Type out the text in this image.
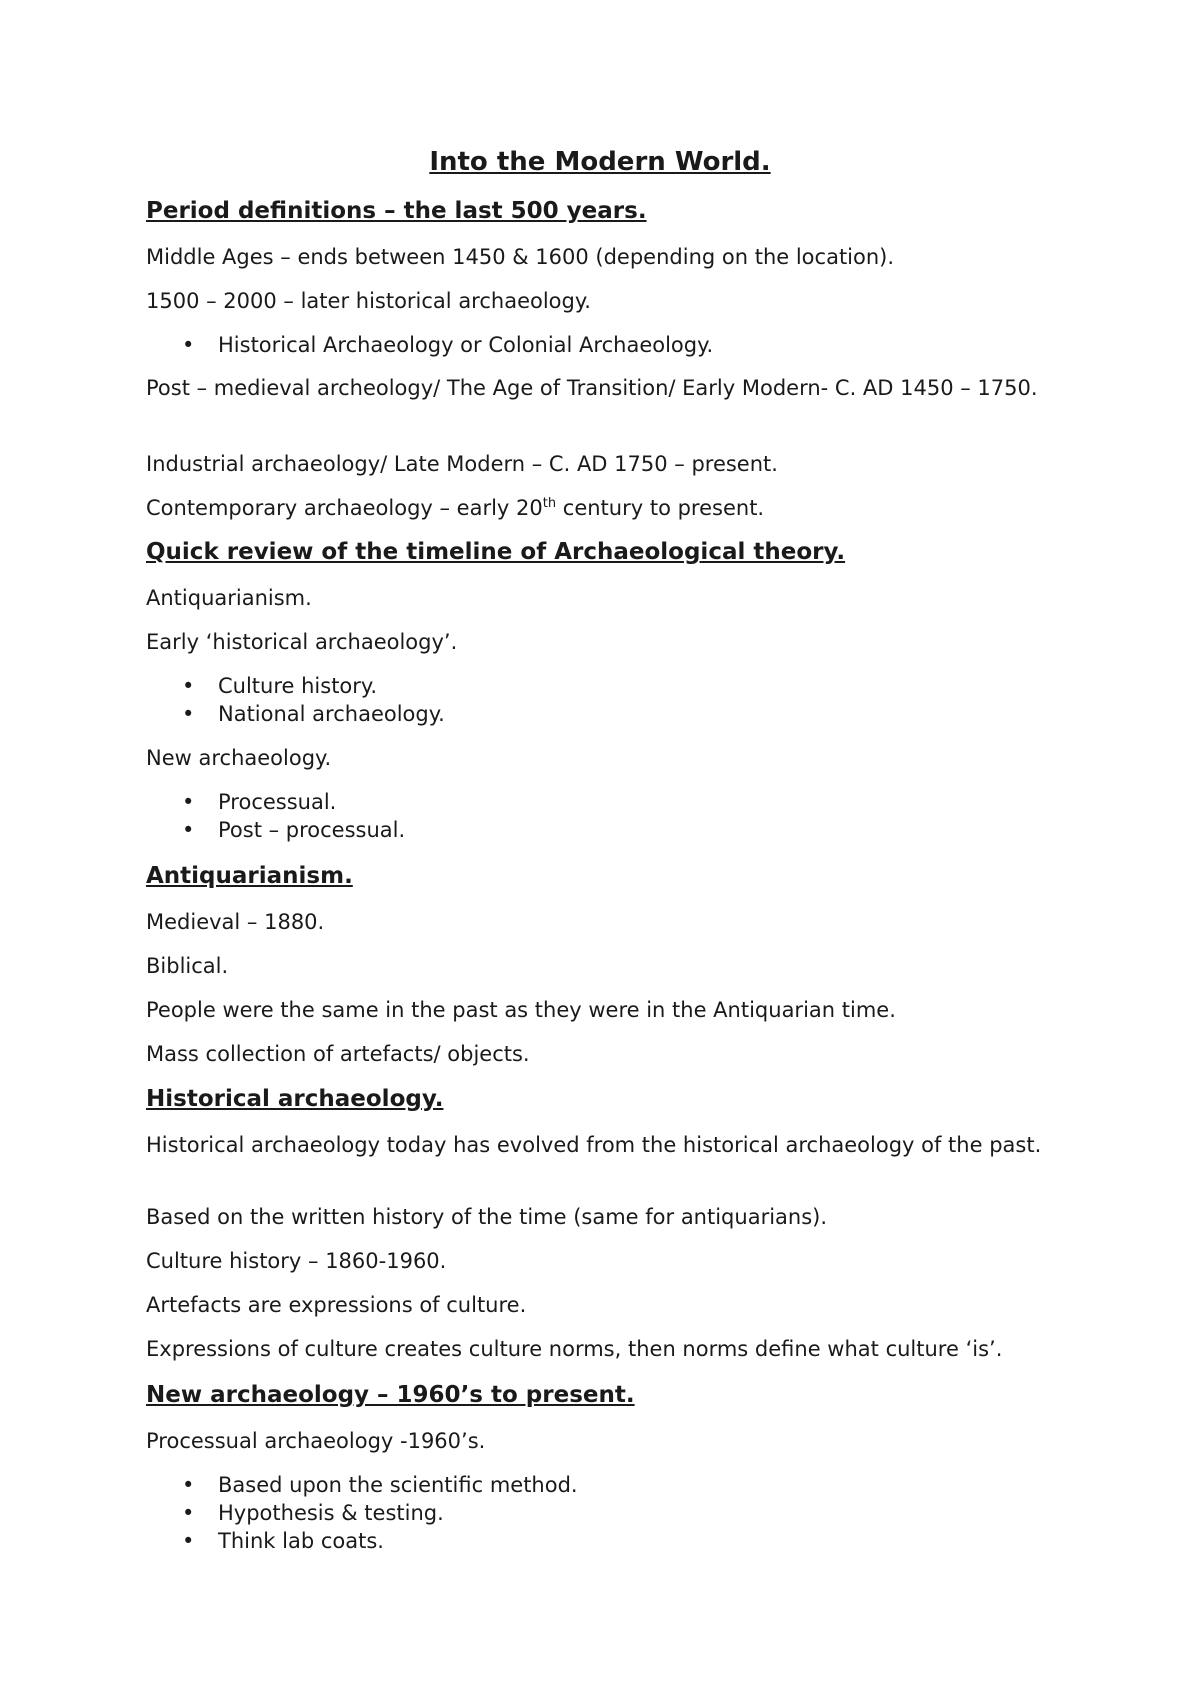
Into the Modern World.
Period definitions – the last 500 years.
Middle Ages – ends between 1450 & 1600 (depending on the location).
1500 – 2000 – later historical archaeology.
• Historical Archaeology or Colonial Archaeology.
Post – medieval archeology/ The Age of Transition/ Early Modern- C. AD 1450 – 1750.
Industrial archaeology/ Late Modern – C. AD 1750 – present.
Contemporary archaeology – early 20th century to present.
Quick review of the timeline of Archaeological theory.
Antiquarianism.
Early ‘historical archaeology’.
• Culture history.
• National archaeology.
New archaeology.
• Processual.
• Post – processual.
Antiquarianism.
Medieval – 1880.
Biblical.
People were the same in the past as they were in the Antiquarian time.
Mass collection of artefacts/ objects.
Historical archaeology.
Historical archaeology today has evolved from the historical archaeology of the past.
Based on the written history of the time (same for antiquarians).
Culture history – 1860-1960.
Artefacts are expressions of culture.
Expressions of culture creates culture norms, then norms define what culture ‘is’.
New archaeology – 1960’s to present.
Processual archaeology -1960’s.
• Based upon the scientific method.
• Hypothesis & testing.
• Think lab coats.
